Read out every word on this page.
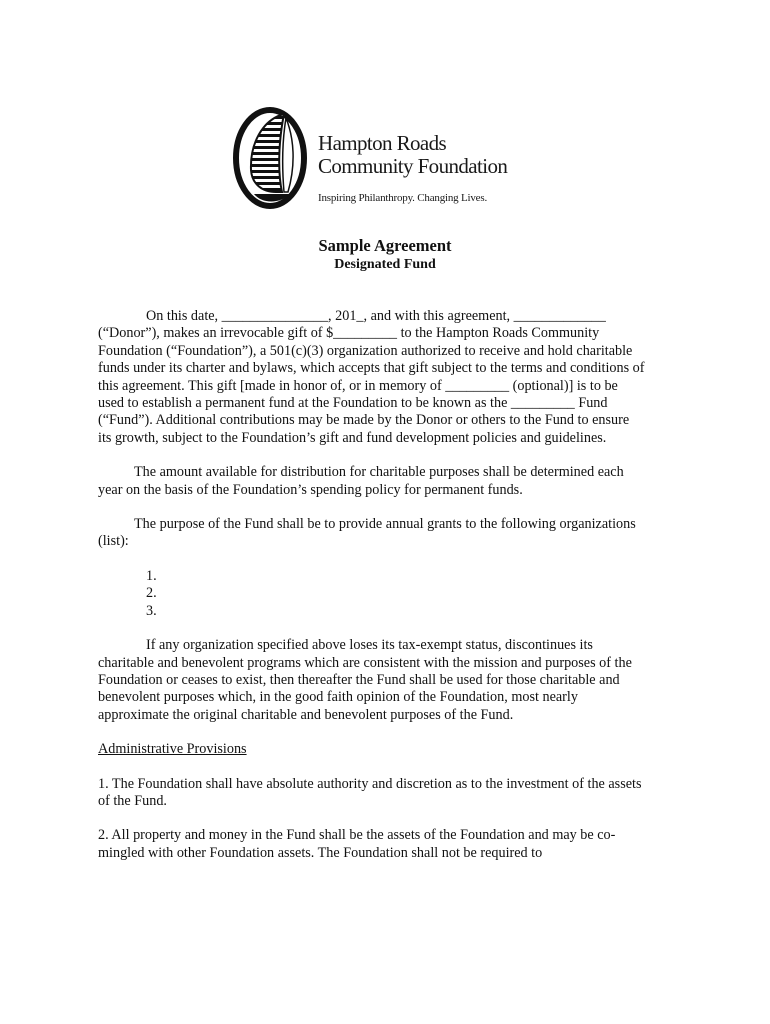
Hampton Roads
Community Foundation
Inspiring Philanthropy. Changing Lives.
Sample Agreement
Designated Fund

On this date, _______________, 201_, and with this agreement, _____________ (“Donor”), makes an irrevocable gift of $_________ to the Hampton Roads Community Foundation (“Foundation”), a 501(c)(3) organization authorized to receive and hold charitable funds under its charter and bylaws, which accepts that gift subject to the terms and conditions of this agreement. This gift [made in honor of, or in memory of _________ (optional)] is to be used to establish a permanent fund at the Foundation to be known as the _________ Fund (“Fund”). Additional contributions may be made by the Donor or others to the Fund to ensure its growth, subject to the Foundation’s gift and fund development policies and guidelines.

The amount available for distribution for charitable purposes shall be determined each year on the basis of the Foundation’s spending policy for permanent funds.

The purpose of the Fund shall be to provide annual grants to the following organizations (list):

1.
2.
3.

If any organization specified above loses its tax-exempt status, discontinues its charitable and benevolent programs which are consistent with the mission and purposes of the Foundation or ceases to exist, then thereafter the Fund shall be used for those charitable and benevolent purposes which, in the good faith opinion of the Foundation, most nearly approximate the original charitable and benevolent purposes of the Fund.

Administrative Provisions

1. The Foundation shall have absolute authority and discretion as to the investment of the assets of the Fund.

2. All property and money in the Fund shall be the assets of the Foundation and may be co-mingled with other Foundation assets. The Foundation shall not be required to
